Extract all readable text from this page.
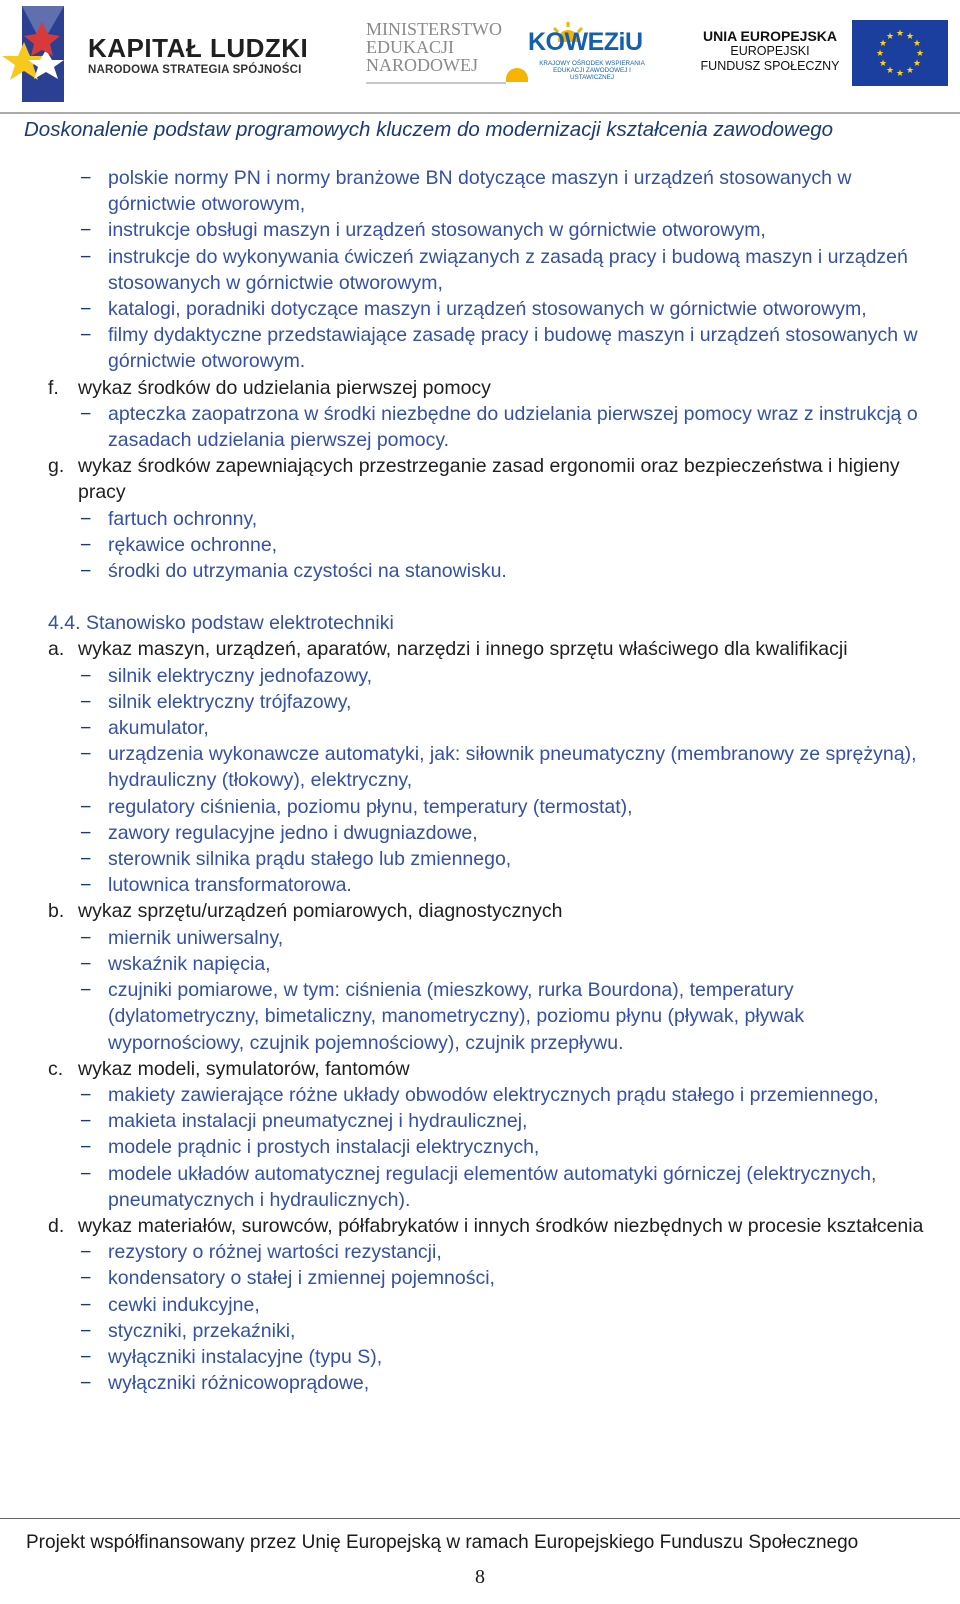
KAPITAŁ LUDZKI
NARODOWA STRATEGIA SPÓJNOŚCI
MINISTERSTWO
EDUKACJI
NARODOWEJ
KOWEZiU
KRAJOWY OŚRODEK WSPIERANIA EDUKACJI ZAWODOWEJ I USTAWICZNEJ
UNIA EUROPEJSKA
EUROPEJSKI
FUNDUSZ SPOŁECZNY
★ ★
★
★
★
★
★
★
★
★
★
★
Doskonalenie podstaw programowych kluczem do modernizacji kształcenia zawodowego
− polskie normy PN i normy branżowe BN dotyczące maszyn i urządzeń stosowanych w górnictwie otworowym,
− instrukcje obsługi maszyn i urządzeń stosowanych w górnictwie otworowym,
− instrukcje do wykonywania ćwiczeń związanych z zasadą pracy i budową maszyn i urządzeń stosowanych w górnictwie otworowym,
− katalogi, poradniki dotyczące maszyn i urządzeń stosowanych w górnictwie otworowym,
− filmy dydaktyczne przedstawiające zasadę pracy i budowę maszyn i urządzeń stosowanych w górnictwie otworowym.
f. wykaz środków do udzielania pierwszej pomocy
− apteczka zaopatrzona w środki niezbędne do udzielania pierwszej pomocy wraz z instrukcją o zasadach udzielania pierwszej pomocy.
g. wykaz środków zapewniających przestrzeganie zasad ergonomii oraz bezpieczeństwa i higieny pracy
− fartuch ochronny,
− rękawice ochronne,
− środki do utrzymania czystości na stanowisku.
4.4. Stanowisko podstaw elektrotechniki
a. wykaz maszyn, urządzeń, aparatów, narzędzi i innego sprzętu właściwego dla kwalifikacji
− silnik elektryczny jednofazowy,
− silnik elektryczny trójfazowy,
− akumulator,
− urządzenia wykonawcze automatyki, jak: siłownik pneumatyczny (membranowy ze sprężyną), hydrauliczny (tłokowy), elektryczny,
− regulatory ciśnienia, poziomu płynu, temperatury (termostat),
− zawory regulacyjne jedno i dwugniazdowe,
− sterownik silnika prądu stałego lub zmiennego,
− lutownica transformatorowa.
b. wykaz sprzętu/urządzeń pomiarowych, diagnostycznych
− miernik uniwersalny,
− wskaźnik napięcia,
− czujniki pomiarowe, w tym: ciśnienia (mieszkowy, rurka Bourdona), temperatury (dylatometryczny, bimetaliczny, manometryczny), poziomu płynu (pływak, pływak wypornościowy, czujnik pojemnościowy), czujnik przepływu.
c. wykaz modeli, symulatorów, fantomów
− makiety zawierające różne układy obwodów elektrycznych prądu stałego i przemiennego,
− makieta instalacji pneumatycznej i hydraulicznej,
− modele prądnic i prostych instalacji elektrycznych,
− modele układów automatycznej regulacji elementów automatyki górniczej (elektrycznych, pneumatycznych i hydraulicznych).
d. wykaz materiałów, surowców, półfabrykatów i innych środków niezbędnych w procesie kształcenia
− rezystory o różnej wartości rezystancji,
− kondensatory o stałej i zmiennej pojemności,
− cewki indukcyjne,
− styczniki, przekaźniki,
− wyłączniki instalacyjne (typu S),
− wyłączniki różnicowoprądowe,
Projekt współfinansowany przez Unię Europejską w ramach Europejskiego Funduszu Społecznego
8
